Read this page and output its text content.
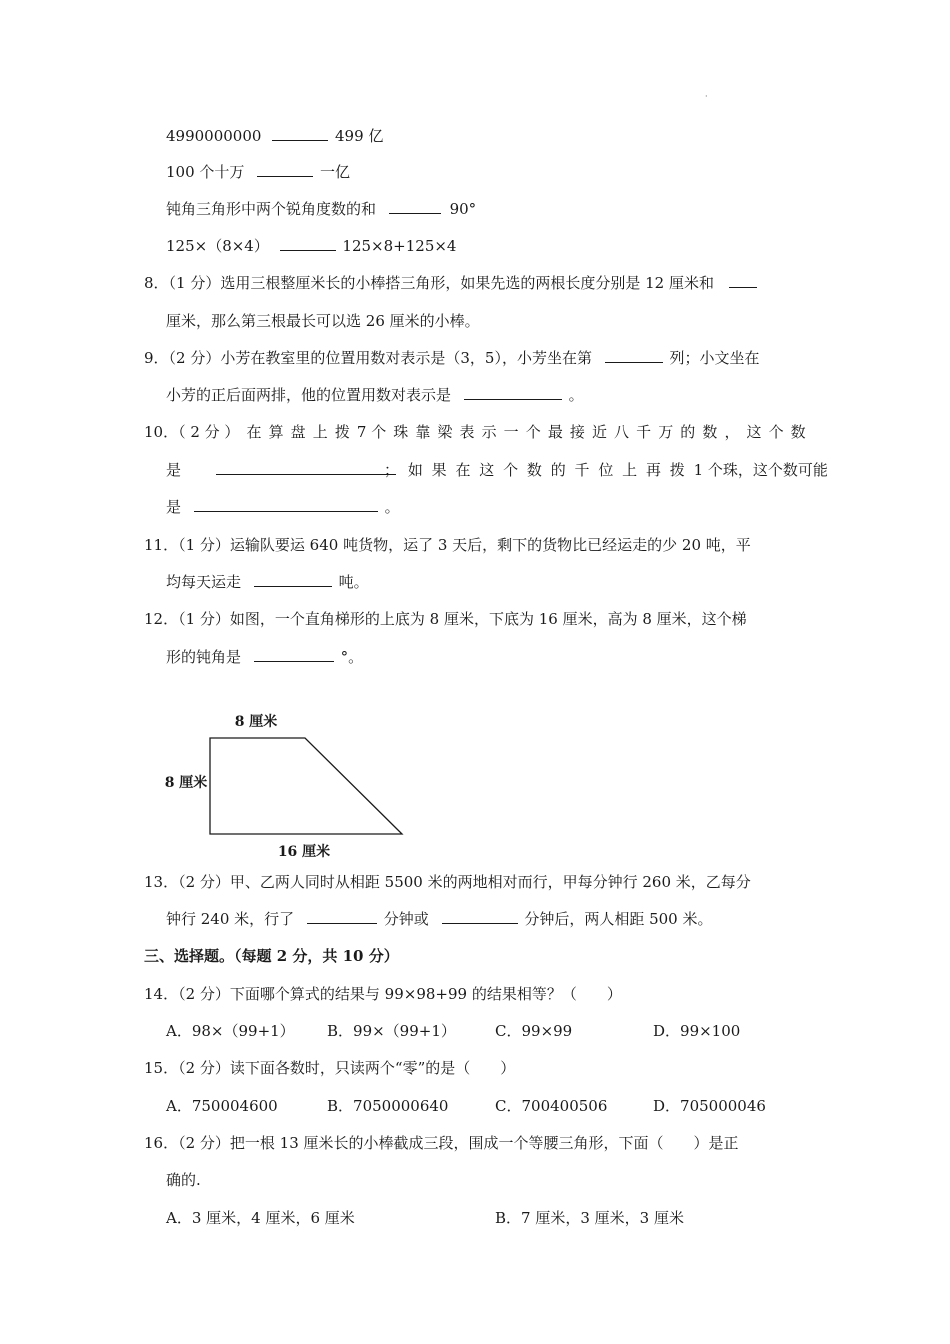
·
4990000000	499 亿
100 个十万	一亿
钝角三角形中两个锐角度数的和	90°
125×（8×4）	125×8+125×4
8．（1 分）选用三根整厘米长的小棒搭三角形，如果先选的两根长度分别是 12 厘米和
厘米，那么第三根最长可以选 26 厘米的小棒。
9．（2 分）小芳在教室里的位置用数对表示是（3，5），小芳坐在第	列；小文坐在
小芳的正后面两排，他的位置用数对表示是	。
10．（ 2 分 ） 在 算 盘 上 拨 7 个 珠 靠 梁 表 示 一 个 最 接 近 八 千 万 的 数 ， 这 个 数
是	； 如 果 在 这 个 数 的 千 位 上 再 拨 1 个珠，这个数可能
是	。
11．（1 分）运输队要运 640 吨货物，运了 3 天后，剩下的货物比已经运走的少 20 吨，平
均每天运走	吨。
12．（1 分）如图，一个直角梯形的上底为 8 厘米，下底为 16 厘米，高为 8 厘米，这个梯
形的钝角是	°。
8 厘米
8 厘米
16 厘米
13．（2 分）甲、乙两人同时从相距 5500 米的两地相对而行，甲每分钟行 260 米，乙每分
钟行 240 米，行了	分钟或	分钟后，两人相距 500 米。
三、选择题。（每题 2 分，共 10 分）
14．（2 分）下面哪个算式的结果与 99×98+99 的结果相等？（　　）
A．98×（99+1） B．99×（99+1）	C．99×99	D．99×100
15．（2 分）读下面各数时，只读两个“零”的是（　　）
A．750004600	B．7050000640	C．700400506	D．705000046
16．（2 分）把一根 13 厘米长的小棒截成三段，围成一个等腰三角形，下面（　　）是正
确的.
A．3 厘米，4 厘米，6 厘米	B．7 厘米，3 厘米，3 厘米
